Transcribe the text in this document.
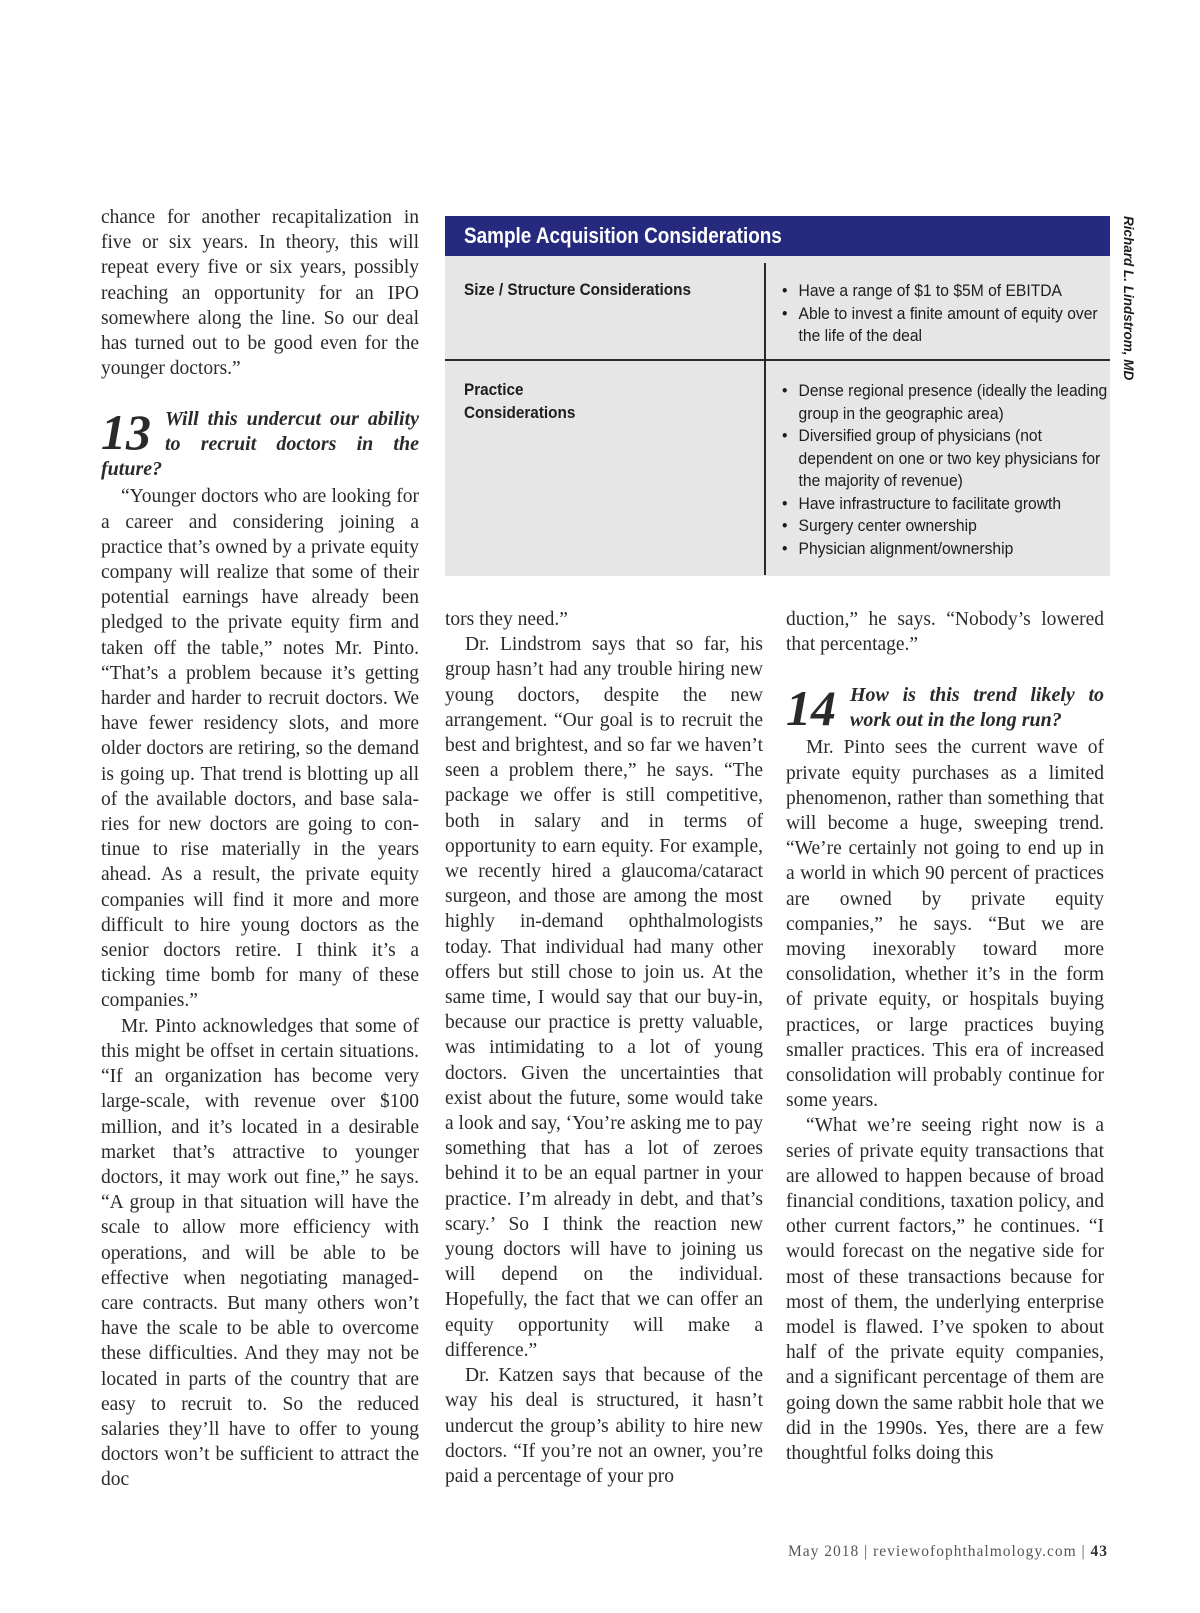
chance for another recapitalization in five or six years. In theory, this will repeat every five or six years, possibly reaching an opportunity for an IPO somewhere along the line. So our deal has turned out to be good even for the younger doctors.”

13 Will this undercut our ability to recruit doctors in the future?

“Younger doctors who are looking for a career and considering joining a practice that’s owned by a private equity company will realize that some of their potential earnings have already been pledged to the private equity firm and taken off the table,” notes Mr. Pinto. “That’s a problem because it’s getting harder and harder to recruit doctors. We have fewer residency slots, and more older doctors are retiring, so the demand is going up. That trend is blotting up all of the available doctors, and base salaries for new doctors are going to continue to rise materially in the years ahead. As a result, the private equity companies will find it more and more difficult to hire young doctors as the senior doctors retire. I think it’s a ticking time bomb for many of these companies.”

Mr. Pinto acknowledges that some of this might be offset in certain situations. “If an organization has become very large-scale, with revenue over $100 million, and it’s located in a desirable market that’s attractive to younger doctors, it may work out fine,” he says. “A group in that situation will have the scale to allow more efficiency with operations, and will be able to be effective when negotiating managed-care contracts. But many others won’t have the scale to be able to overcome these difficulties. And they may not be located in parts of the country that are easy to recruit to. So the reduced salaries they’ll have to offer to young doctors won’t be sufficient to attract the doc

Sample Acquisition Considerations
Size / Structure Considerations
•	Have a range of $1 to $5M of EBITDA
• Able to invest a finite amount of equity over the life of the deal
Practice
Considerations
• Dense regional presence (ideally the leading group in the geographic area)
• Diversified group of physicians (not dependent on one or two key physicians for the majority of revenue)
• Have infrastructure to facilitate growth
• Surgery center ownership
• Physician alignment/ownership
Richard L. Lindstrom, MD

tors they need.”

Dr. Lindstrom says that so far, his group hasn’t had any trouble hiring new young doctors, despite the new arrangement. “Our goal is to recruit the best and brightest, and so far we haven’t seen a problem there,” he says. “The package we offer is still competitive, both in salary and in terms of opportunity to earn equity. For example, we recently hired a glaucoma/cataract surgeon, and those are among the most highly in-demand ophthalmologists today. That individual had many other offers but still chose to join us. At the same time, I would say that our buy-in, because our practice is pretty valuable, was intimidating to a lot of young doctors. Given the uncertainties that exist about the future, some would take a look and say, ‘You’re asking me to pay something that has a lot of zeroes behind it to be an equal partner in your practice. I’m already in debt, and that’s scary.’ So I think the reaction new young doctors will have to joining us will depend on the individual. Hopefully, the fact that we can offer an equity opportunity will make a difference.”

Dr. Katzen says that because of the way his deal is structured, it hasn’t undercut the group’s ability to hire new doctors. “If you’re not an owner, you’re paid a percentage of your pro

duction,” he says. “Nobody’s lowered that percentage.”

14 How is this trend likely to work out in the long run?

Mr. Pinto sees the current wave of private equity purchases as a limited phenomenon, rather than something that will become a huge, sweeping trend. “We’re certainly not going to end up in a world in which 90 percent of practices are owned by private equity companies,” he says. “But we are moving inexorably toward more consolidation, whether it’s in the form of private equity, or hospitals buying practices, or large practices buying smaller practices. This era of increased consolidation will probably continue for some years.

“What we’re seeing right now is a series of private equity transactions that are allowed to happen because of broad financial conditions, taxation policy, and other current factors,” he continues. “I would forecast on the negative side for most of these transactions because for most of them, the underlying enterprise model is flawed. I’ve spoken to about half of the private equity companies, and a significant percentage of them are going down the same rabbit hole that we did in the 1990s. Yes, there are a few thoughtful folks doing this

May 2018 | reviewofophthalmology.com | 43
